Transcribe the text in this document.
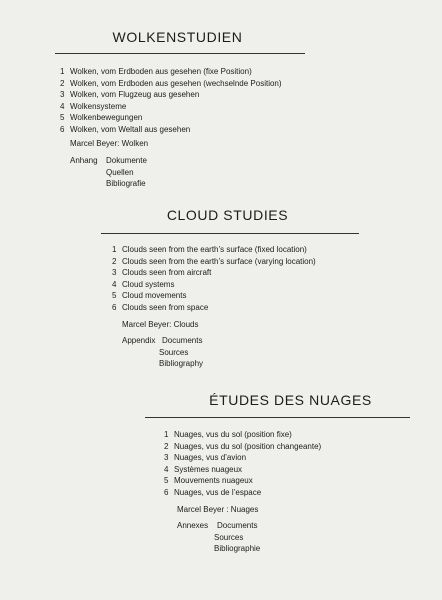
WOLKENSTUDIEN
1 Wolken, vom Erdboden aus gesehen (fixe Position)
2 Wolken, vom Erdboden aus gesehen (wechselnde Position)
3 Wolken, vom Flugzeug aus gesehen
4 Wolkensysteme
5 Wolkenbewegungen
6 Wolken, vom Weltall aus gesehen
Marcel Beyer: Wolken
Anhang	Dokumente
Quellen
Bibliografie
CLOUD STUDIES
1 Clouds seen from the earth’s surface (fixed location)
2 Clouds seen from the earth’s surface (varying location)
3 Clouds seen from aircraft
4 Cloud systems
5 Cloud movements
6 Clouds seen from space
Marcel Beyer: Clouds
Appendix Documents
Sources
Bibliography
ÉTUDES DES NUAGES
1 Nuages, vus du sol (position fixe)
2 Nuages, vus du sol (position changeante)
3 Nuages, vus d’avion
4 Systèmes nuageux
5 Mouvements nuageux
6 Nuages, vus de l’espace
Marcel Beyer : Nuages
Annexes	Documents
Sources
Bibliographie
